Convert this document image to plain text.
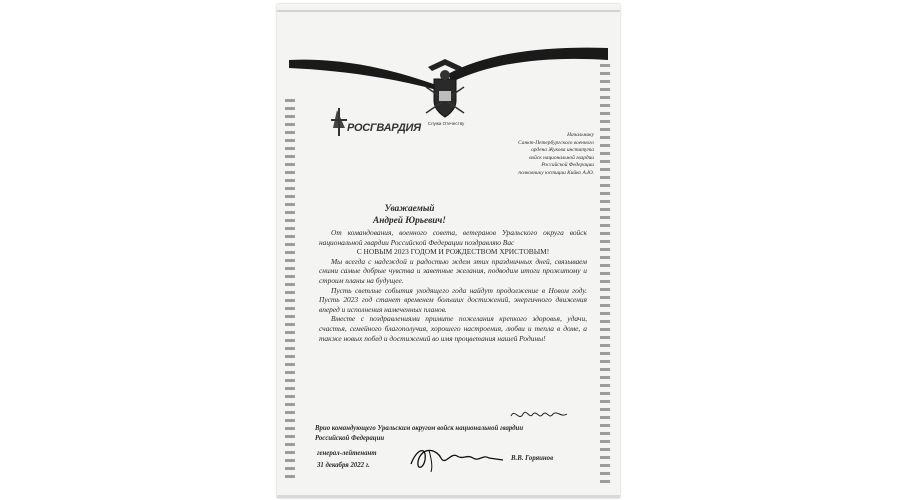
Служа Отечеству
РОСГВАРДИЯ
Начальнику
Санкт-Петербургского военного
ордена Жукова института
войск национальной гвардии
Российской Федерации
полковнику юстиции Кийко А.Ю.
Уважаемый
Андрей Юрьевич!

От командования, военного совета, ветеранов Уральского округа войск национальной гвардии Российской Федерации поздравляю Вас

С НОВЫМ 2023 ГОДОМ И РОЖДЕСТВОМ ХРИСТОВЫМ!

Мы всегда с надеждой и радостью ждем этих праздничных дней, связываем сними самые добрые чувства и заветные желания, подводим итоги прожитому и строим планы на будущее.

Пусть светлые события уходящего года найдут продолжение в Новом году. Пусть 2023 год станет временем больших достижений, энергичного движения вперед и исполнения намеченных планов.

Вместе с поздравлениями примите пожелания крепкого здоровья, удачи, счастья, семейного благополучия, хорошего настроения, любви и тепла в доме, а также новых побед и достижений во имя процветания нашей Родины!

Врио командующего Уральским округом войск национальной гвардии
Российской Федерации
генерал-лейтенант
31 декабря 2022 г.
В.В. Горяинов
